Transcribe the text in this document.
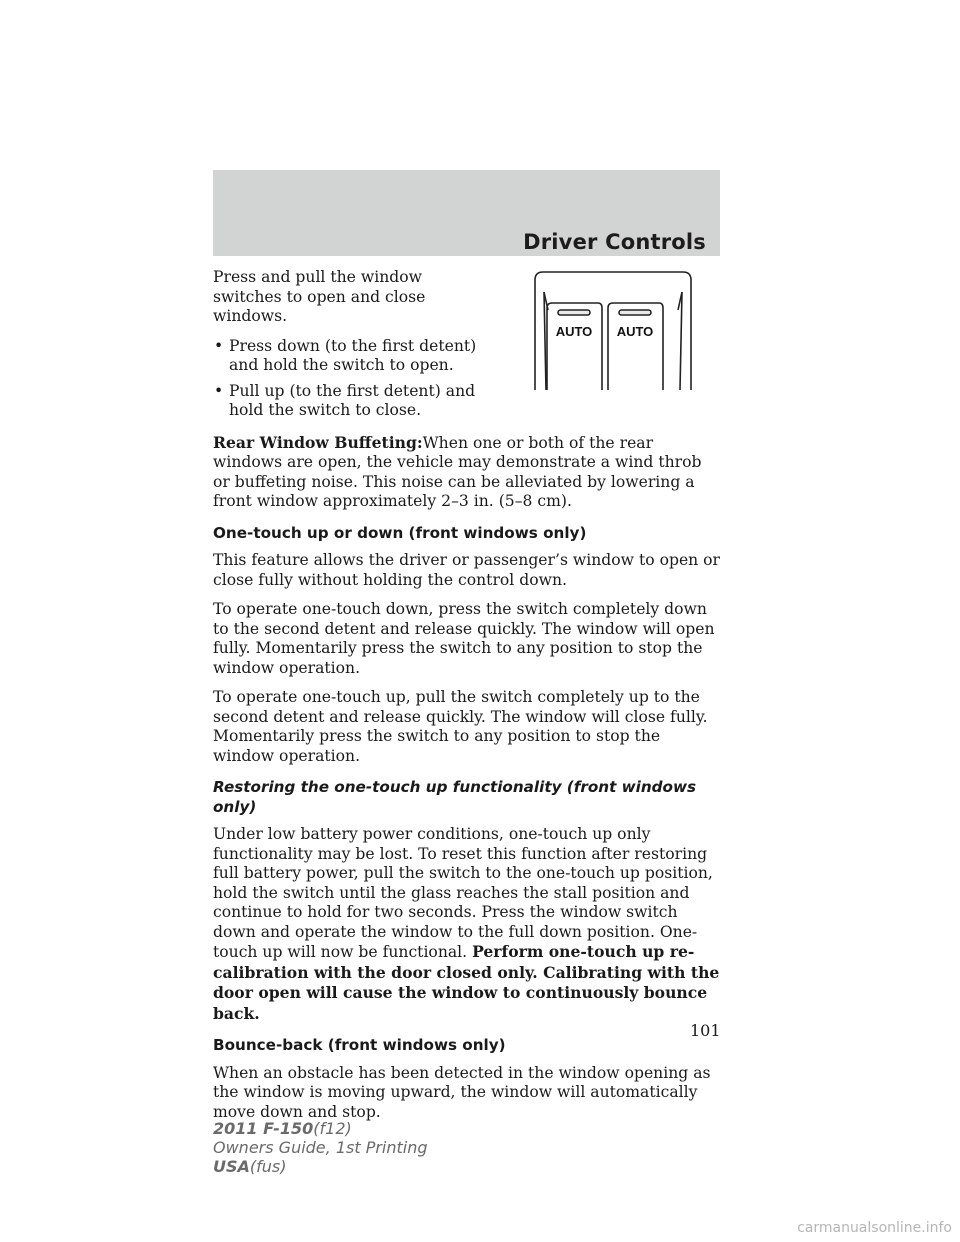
Driver Controls
AUTO AUTO

Press and pull the window switches to open and close windows.

• Press down (to the first detent) and hold the switch to open.
• Pull up (to the first detent) and hold the switch to close.

Rear Window Buffeting:When one or both of the rear windows are open, the vehicle may demonstrate a wind throb or buffeting noise. This noise can be alleviated by lowering a front window approximately 2–3 in. (5–8 cm).

One-touch up or down (front windows only)

This feature allows the driver or passenger’s window to open or close fully without holding the control down.

To operate one-touch down, press the switch completely down to the second detent and release quickly. The window will open fully. Momentarily press the switch to any position to stop the window operation.

To operate one-touch up, pull the switch completely up to the second detent and release quickly. The window will close fully. Momentarily press the switch to any position to stop the window operation.

Restoring the one-touch up functionality (front windows only)

Under low battery power conditions, one-touch up only functionality may be lost. To reset this function after restoring full battery power, pull the switch to the one-touch up position, hold the switch until the glass reaches the stall position and continue to hold for two seconds. Press the window switch down and operate the window to the full down position. One-touch up will now be functional. Perform one-touch up re-calibration with the door closed only. Calibrating with the door open will cause the window to continuously bounce back.

Bounce-back (front windows only)

When an obstacle has been detected in the window opening as the window is moving upward, the window will automatically move down and stop.

101
2011 F-150(f12)
Owners Guide, 1st Printing
USA(fus)
carmanualsonline.info
